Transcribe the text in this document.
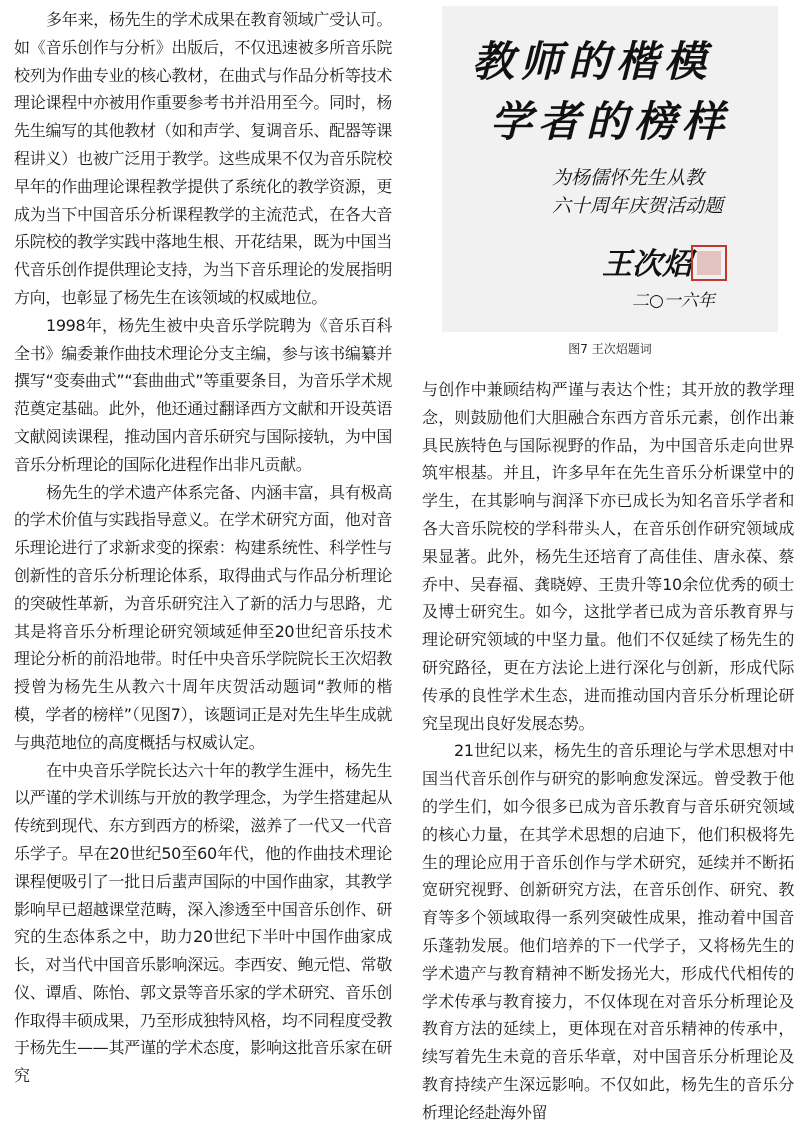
多年来，杨先生的学术成果在教育领域广受认可。如《音乐创作与分析》出版后，不仅迅速被多所音乐院校列为作曲专业的核心教材，在曲式与作品分析等技术理论课程中亦被用作重要参考书并沿用至今。同时，杨先生编写的其他教材（如和声学、复调音乐、配器等课程讲义）也被广泛用于教学。这些成果不仅为音乐院校早年的作曲理论课程教学提供了系统化的教学资源，更成为当下中国音乐分析课程教学的主流范式，在各大音乐院校的教学实践中落地生根、开花结果，既为中国当代音乐创作提供理论支持，为当下音乐理论的发展指明方向，也彰显了杨先生在该领域的权威地位。

1998年，杨先生被中央音乐学院聘为《音乐百科全书》编委兼作曲技术理论分支主编，参与该书编纂并撰写“变奏曲式”“套曲曲式”等重要条目，为音乐学术规范奠定基础。此外，他还通过翻译西方文献和开设英语文献阅读课程，推动国内音乐研究与国际接轨，为中国音乐分析理论的国际化进程作出非凡贡献。

杨先生的学术遗产体系完备、内涵丰富，具有极高的学术价值与实践指导意义。在学术研究方面，他对音乐理论进行了求新求变的探索：构建系统性、科学性与创新性的音乐分析理论体系，取得曲式与作品分析理论的突破性革新，为音乐研究注入了新的活力与思路，尤其是将音乐分析理论研究领域延伸至20世纪音乐技术理论分析的前沿地带。时任中央音乐学院院长王次炤教授曾为杨先生从教六十周年庆贺活动题词“教师的楷模，学者的榜样”（见图7），该题词正是对先生毕生成就与典范地位的高度概括与权威认定。

在中央音乐学院长达六十年的教学生涯中，杨先生以严谨的学术训练与开放的教学理念，为学生搭建起从传统到现代、东方到西方的桥梁，滋养了一代又一代音乐学子。早在20世纪50至60年代，他的作曲技术理论课程便吸引了一批日后蜚声国际的中国作曲家，其教学影响早已超越课堂范畴，深入渗透至中国音乐创作、研究的生态体系之中，助力20世纪下半叶中国作曲家成长，对当代中国音乐影响深远。李西安、鲍元恺、常敬仪、谭盾、陈怡、郭文景等音乐家的学术研究、音乐创作取得丰硕成果，乃至形成独特风格，均不同程度受教于杨先生——其严谨的学术态度，影响这批音乐家在研究

教师的楷模
学者的榜样
为杨儒怀先生从教
六十周年庆贺活动题
王次炤
二○一六年
图7 王次炤题词

与创作中兼顾结构严谨与表达个性；其开放的教学理念，则鼓励他们大胆融合东西方音乐元素，创作出兼具民族特色与国际视野的作品，为中国音乐走向世界筑牢根基。并且，许多早年在先生音乐分析课堂中的学生，在其影响与润泽下亦已成长为知名音乐学者和各大音乐院校的学科带头人，在音乐创作研究领域成果显著。此外，杨先生还培育了高佳佳、唐永葆、蔡乔中、吴春福、龚晓婷、王贵升等10余位优秀的硕士及博士研究生。如今，这批学者已成为音乐教育界与理论研究领域的中坚力量。他们不仅延续了杨先生的研究路径，更在方法论上进行深化与创新，形成代际传承的良性学术生态，进而推动国内音乐分析理论研究呈现出良好发展态势。

21世纪以来，杨先生的音乐理论与学术思想对中国当代音乐创作与研究的影响愈发深远。曾受教于他的学生们，如今很多已成为音乐教育与音乐研究领域的核心力量，在其学术思想的启迪下，他们积极将先生的理论应用于音乐创作与学术研究，延续并不断拓宽研究视野、创新研究方法，在音乐创作、研究、教育等多个领域取得一系列突破性成果，推动着中国音乐蓬勃发展。他们培养的下一代学子，又将杨先生的学术遗产与教育精神不断发扬光大，形成代代相传的学术传承与教育接力，不仅体现在对音乐分析理论及教育方法的延续上，更体现在对音乐精神的传承中，续写着先生未竟的音乐华章，对中国音乐分析理论及教育持续产生深远影响。不仅如此，杨先生的音乐分析理论经赴海外留
